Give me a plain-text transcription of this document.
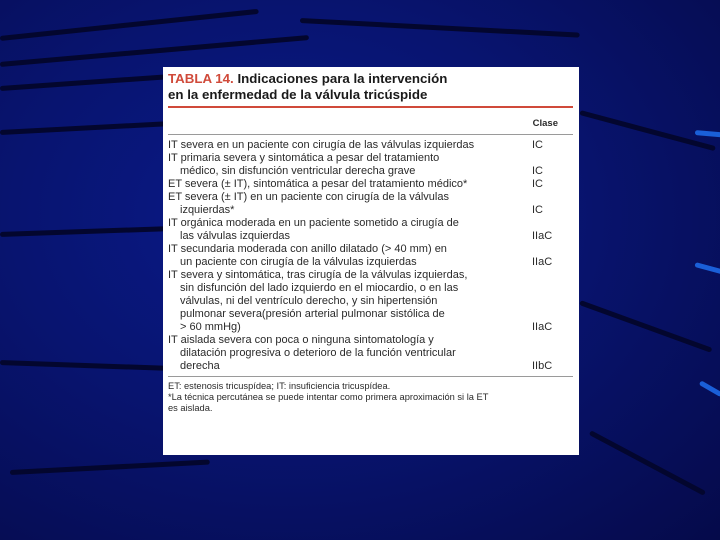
TABLA 14. Indicaciones para la intervención
en la enfermedad de la válvula tricúspide
Clase
IT severa en un paciente con cirugía de las válvulas izquierdas	IC
IT primaria severa y sintomática a pesar del tratamiento

médico, sin disfunción ventricular derecha grave	IC
ET severa (± IT), sintomática a pesar del tratamiento médico*	IC
ET severa (± IT) en un paciente con cirugía de la válvulas

izquierdas*	IC
IT orgánica moderada en un paciente sometido a cirugía de

las válvulas izquierdas	IIaC
IT secundaria moderada con anillo dilatado (> 40 mm) en

un paciente con cirugía de la válvulas izquierdas	IIaC
IT severa y sintomática, tras cirugía de la válvulas izquierdas,

sin disfunción del lado izquierdo en el miocardio, o en las
válvulas, ni del ventrículo derecho, y sin hipertensión
pulmonar severa(presión arterial pulmonar sistólica de
> 60 mmHg)	IIaC
IT aislada severa con poca o ninguna sintomatología y

dilatación progresiva o deterioro de la función ventricular
derecha	IIbC
ET: estenosis tricuspídea; IT: insuficiencia tricuspídea.
*La técnica percutánea se puede intentar como primera aproximación si la ET
es aislada.
